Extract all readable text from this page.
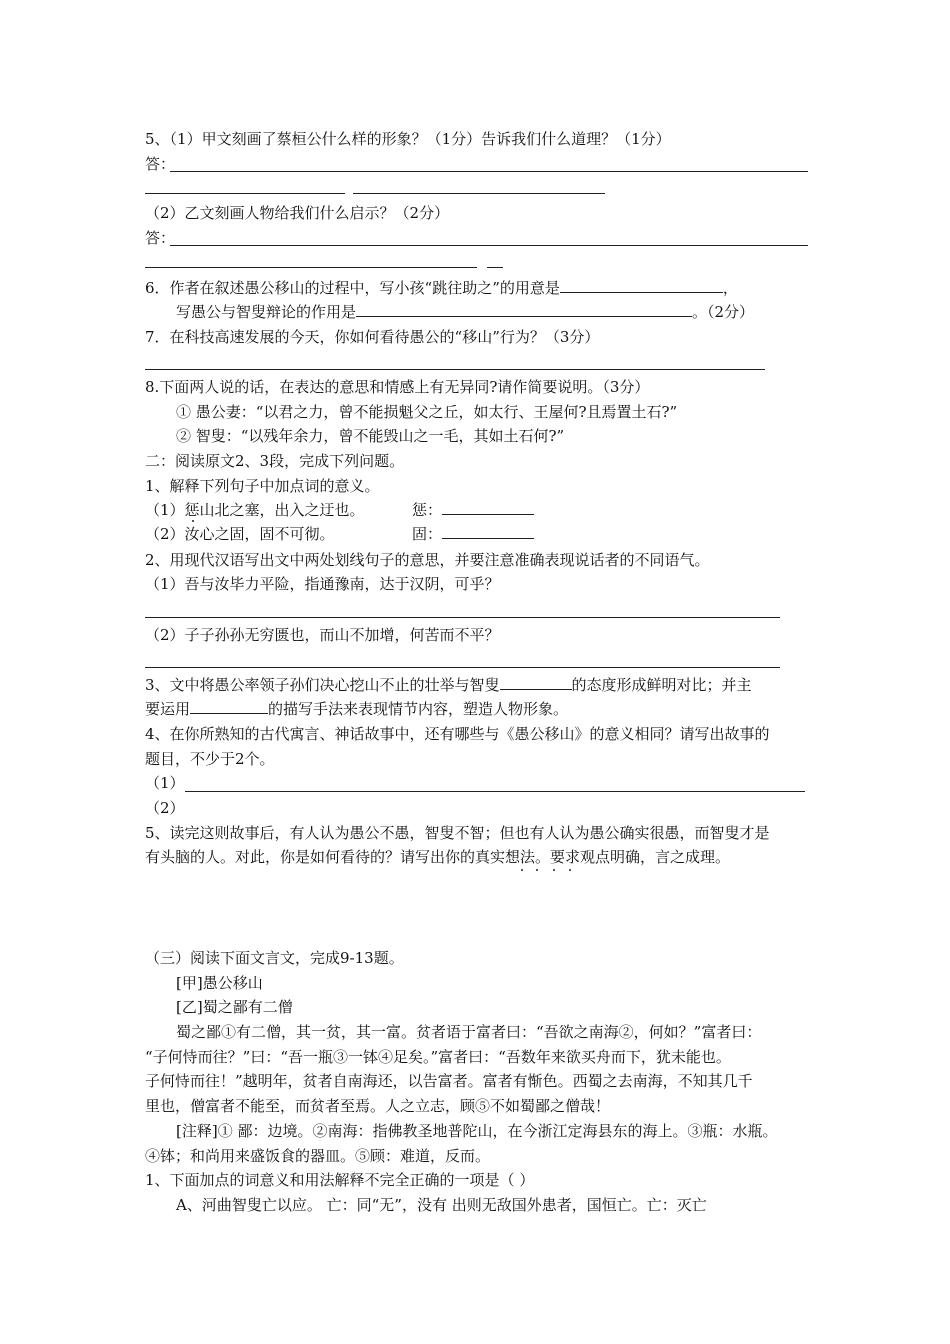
5、（1）甲文刻画了蔡桓公什么样的形象？（1分）告诉我们什么道理？（1分）
答：
（2）乙文刻画人物给我们什么启示？（2分）
答：
6．作者在叙述愚公移山的过程中，写小孩“跳往助之”的用意是	，
写愚公与智叟辩论的作用是	。（2分）
7．在科技高速发展的今天，你如何看待愚公的“移山”行为？（3分）
8.下面两人说的话，在表达的意思和情感上有无异同?请作简要说明。（3分）
① 愚公妻：“以君之力，曾不能损魁父之丘，如太行、王屋何?且焉置土石?”
② 智叟：“以残年余力，曾不能毁山之一毛，其如土石何?”
二：阅读原文2、3段，完成下列问题。
1、解释下列句子中加点词的意义。
（1）惩山北之塞，出入之迂也。	惩：
（2）汝心之固，固不可彻。	固：
2、用现代汉语写出文中两处划线句子的意思，并要注意准确表现说话者的不同语气。
（1）吾与汝毕力平险，指通豫南，达于汉阴，可乎？
（2）子子孙孙无穷匮也，而山不加增，何苦而不平？
3、文中将愚公率领子孙们决心挖山不止的壮举与智叟	的态度形成鲜明对比；并主
要运用	的描写手法来表现情节内容，塑造人物形象。
4、在你所熟知的古代寓言、神话故事中，还有哪些与《愚公移山》的意义相同？请写出故事的
题目，不少于2个。
（1）
（2）
5、读完这则故事后，有人认为愚公不愚，智叟不智；但也有人认为愚公确实很愚，而智叟才是
有头脑的人。对此，你是如何看待的？请写出你的真实想法。要求观点明确，言之成理。
（三）阅读下面文言文，完成9-13题。
[甲]愚公移山
[乙]蜀之鄙有二僧
蜀之鄙①有二僧，其一贫，其一富。贫者语于富者曰：“吾欲之南海②，何如？”富者曰：
“子何恃而往？”曰：“吾一瓶③一钵④足矣。”富者曰：“吾数年来欲买舟而下，犹未能也。
子何恃而往！”越明年，贫者自南海还，以告富者。富者有惭色。西蜀之去南海，不知其几千
里也，僧富者不能至，而贫者至焉。人之立志，顾⑤不如蜀鄙之僧哉！
[注释]① 鄙：边境。②南海：指佛教圣地普陀山，在今浙江定海县东的海上。③瓶：水瓶。
④钵；和尚用来盛饭食的器皿。⑤顾：难道，反而。
1、下面加点的词意义和用法解释不完全正确的一项是（ ）
A、河曲智叟亡以应。 亡：同“无”，没有 出则无敌国外患者，国恒亡。亡：灭亡
